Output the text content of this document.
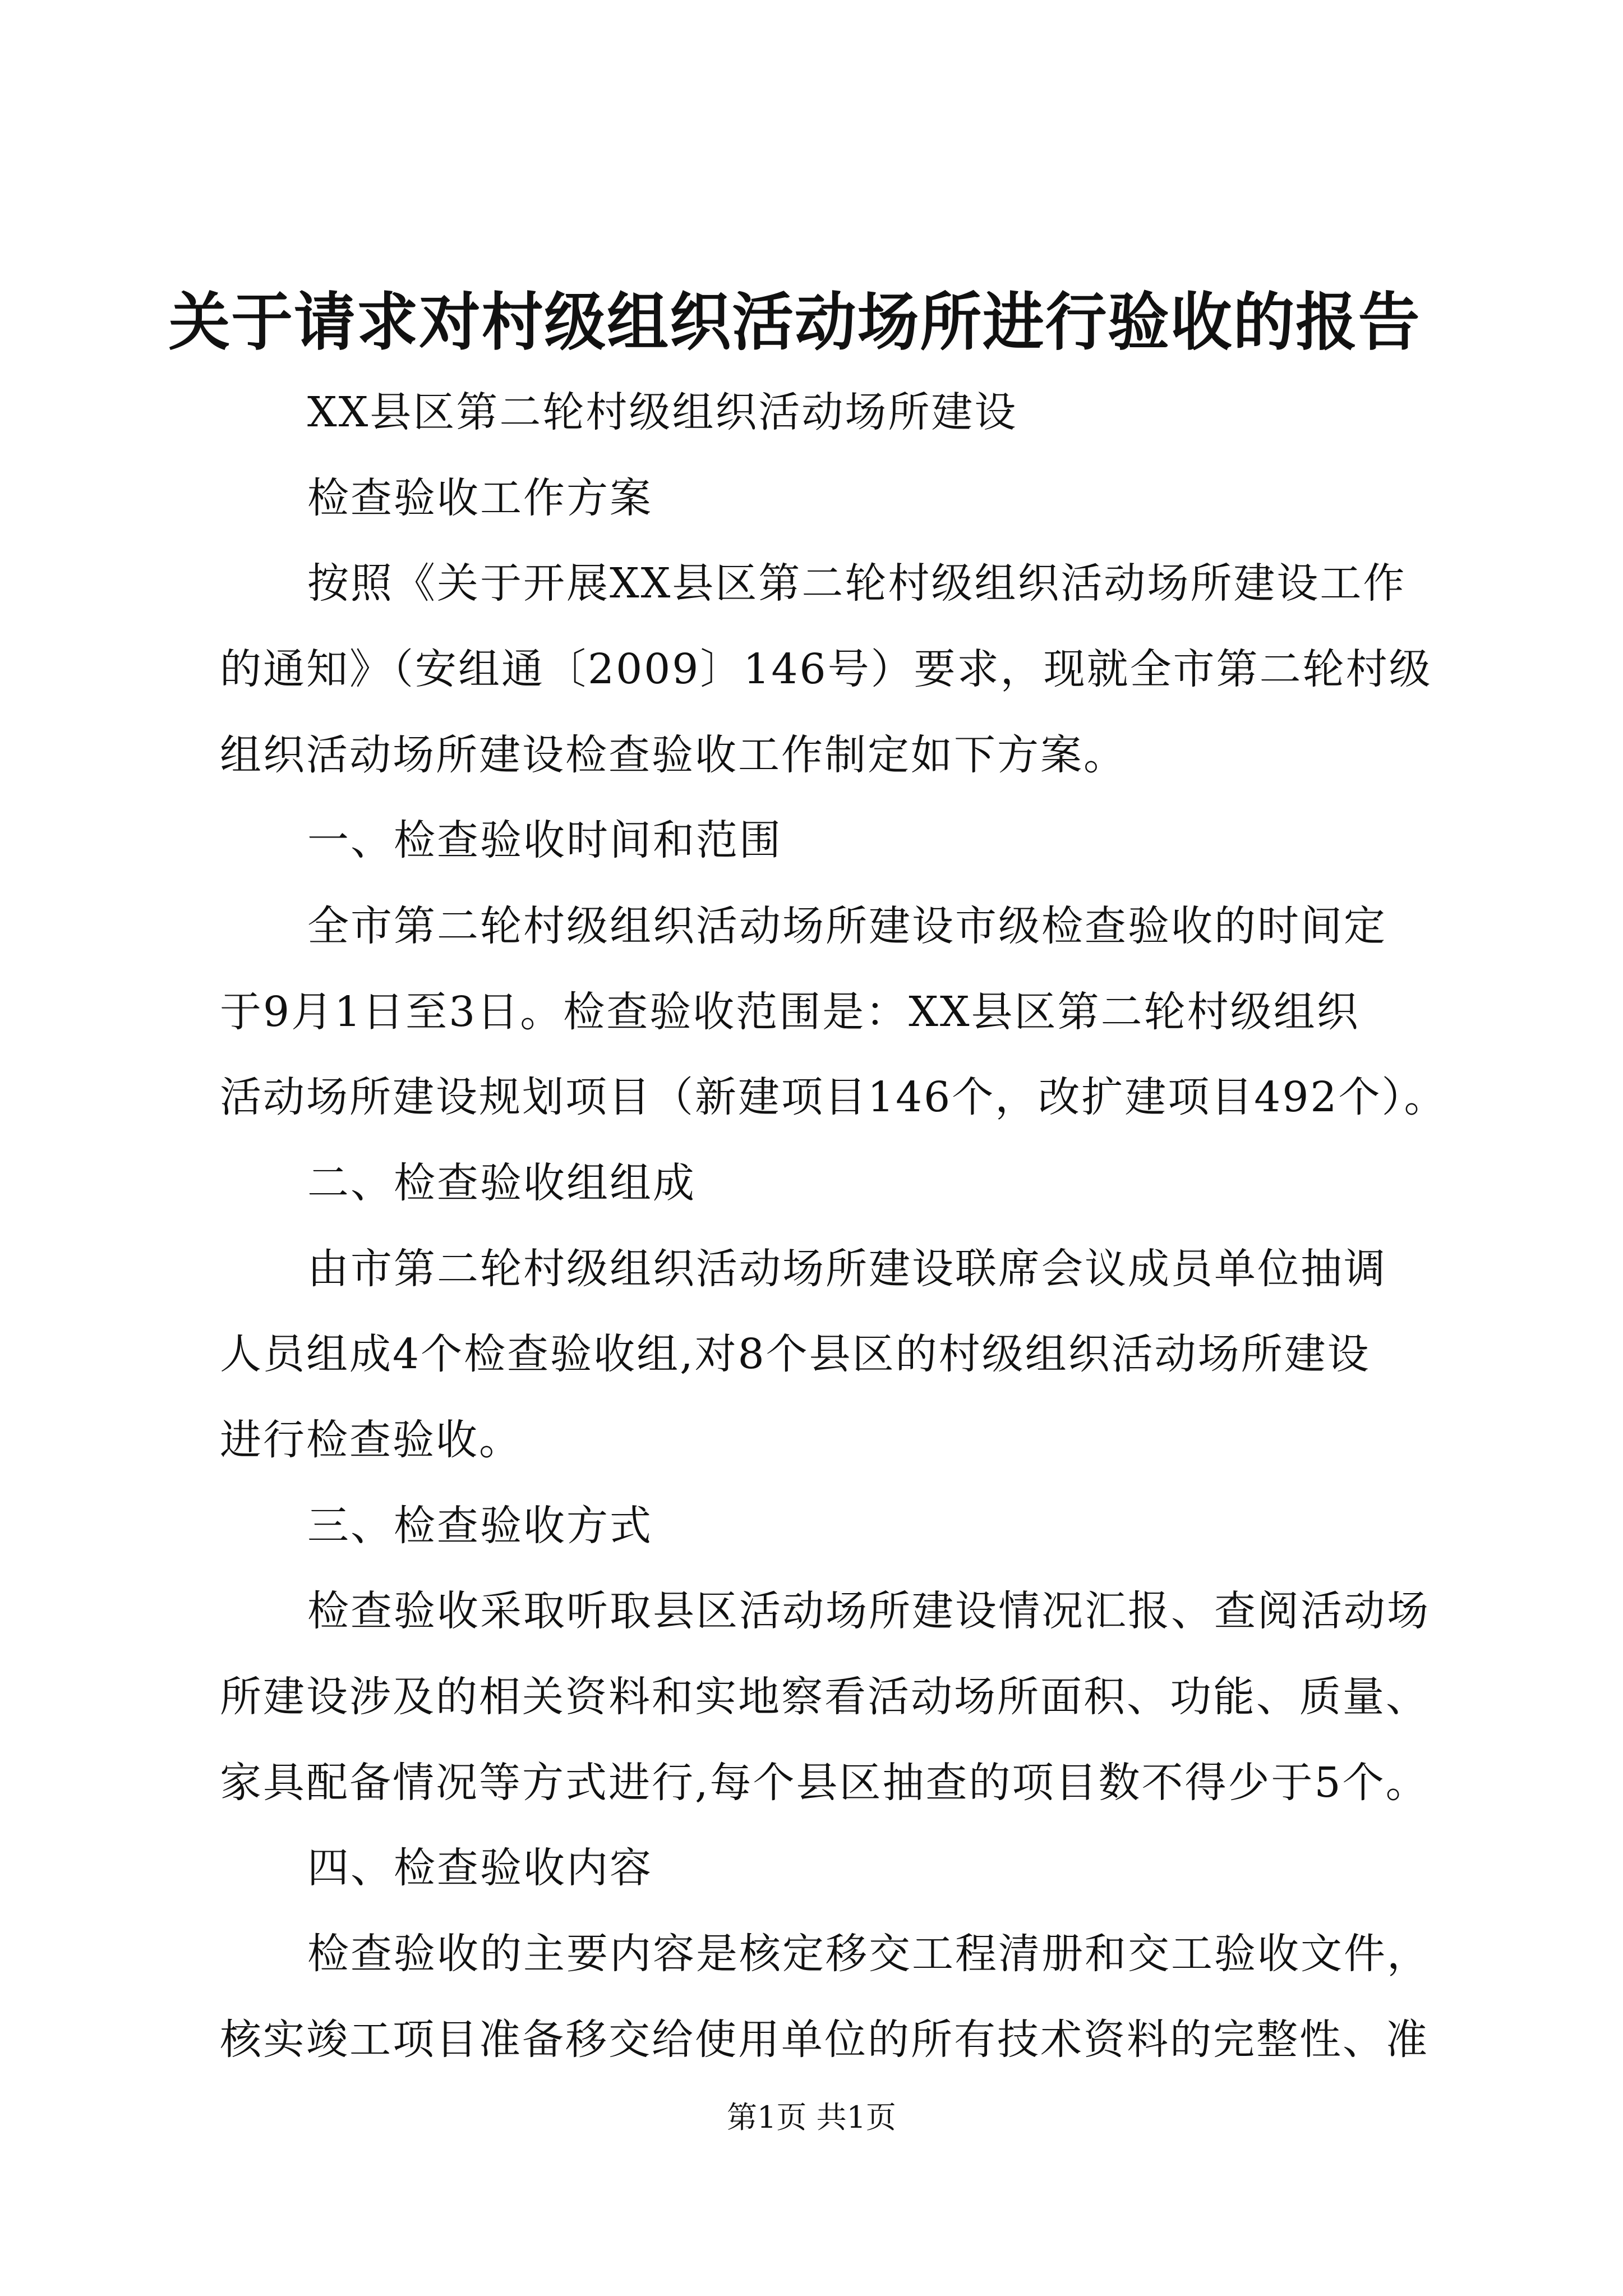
关于请求对村级组织活动场所进行验收的报告
XX县区第二轮村级组织活动场所建设
检查验收工作方案
按照《关于开展XX县区第二轮村级组织活动场所建设工作
的通知》（安组通〔2009〕146号）要求，现就全市第二轮村级
组织活动场所建设检查验收工作制定如下方案。
一、检查验收时间和范围
全市第二轮村级组织活动场所建设市级检查验收的时间定
于9月1日至3日。检查验收范围是：XX县区第二轮村级组织
活动场所建设规划项目（新建项目146个，改扩建项目492个）。
二、检查验收组组成
由市第二轮村级组织活动场所建设联席会议成员单位抽调
人员组成4个检查验收组,对8个县区的村级组织活动场所建设
进行检查验收。
三、检查验收方式
检查验收采取听取县区活动场所建设情况汇报、查阅活动场
所建设涉及的相关资料和实地察看活动场所面积、功能、质量、
家具配备情况等方式进行,每个县区抽查的项目数不得少于5个。
四、检查验收内容
检查验收的主要内容是核定移交工程清册和交工验收文件，
核实竣工项目准备移交给使用单位的所有技术资料的完整性、准
第1页 共1页
